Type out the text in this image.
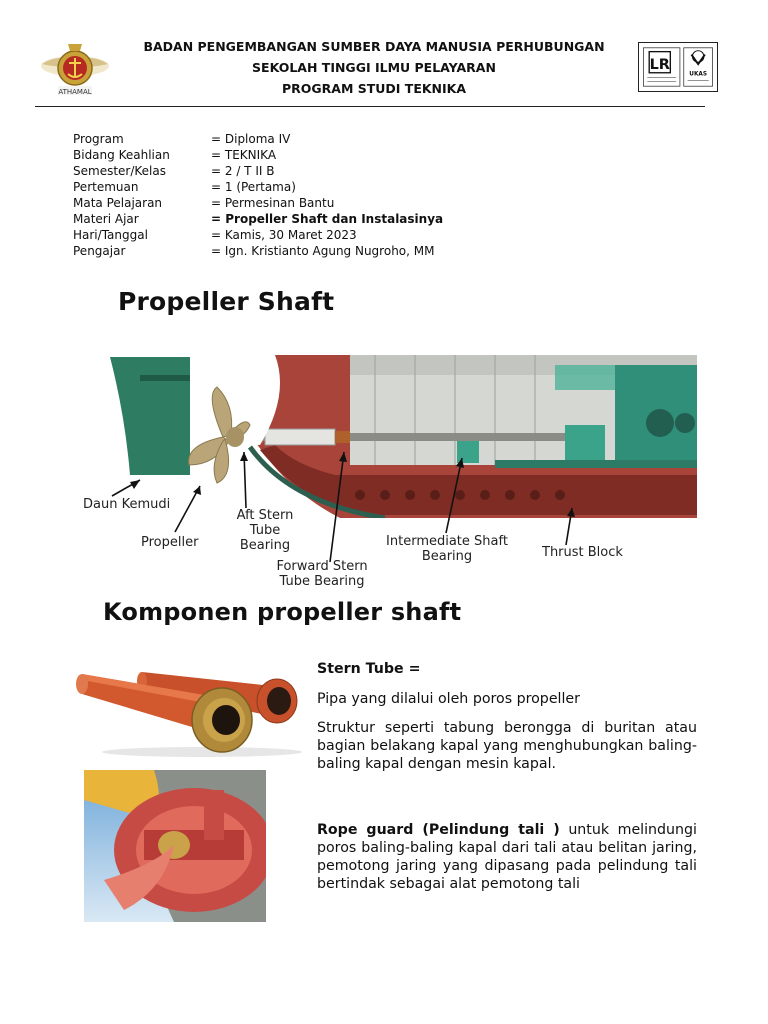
ATHAMAL
BADAN PENGEMBANGAN SUMBER DAYA MANUSIA PERHUBUNGAN
SEKOLAH TINGGI ILMU PELAYARAN
PROGRAM STUDI TEKNIKA
LR
UKAS
Program	= Diploma IV
Bidang Keahlian	= TEKNIKA
Semester/Kelas	= 2 / T II B
Pertemuan	= 1 (Pertama)
Mata Pelajaran	= Permesinan Bantu
Materi Ajar	= Propeller Shaft dan Instalasinya
Hari/Tanggal	= Kamis, 30 Maret 2023
Pengajar	= Ign. Kristianto Agung Nugroho, MM
Propeller Shaft
Daun Kemudi
Propeller
Aft Stern Tube
Bearing
Forward Stern
Tube Bearing
Intermediate Shaft
Bearing	Thrust Block
Komponen propeller shaft
Stern Tube =
Pipa yang dilalui oleh poros propeller
Struktur seperti tabung berongga di buritan atau bagian belakang kapal yang menghubungkan baling-baling kapal dengan mesin kapal.
Rope guard (Pelindung tali ) untuk melindungi poros baling-baling kapal dari tali atau belitan jaring, pemotong jaring yang dipasang pada pelindung tali bertindak sebagai alat pemotong tali
